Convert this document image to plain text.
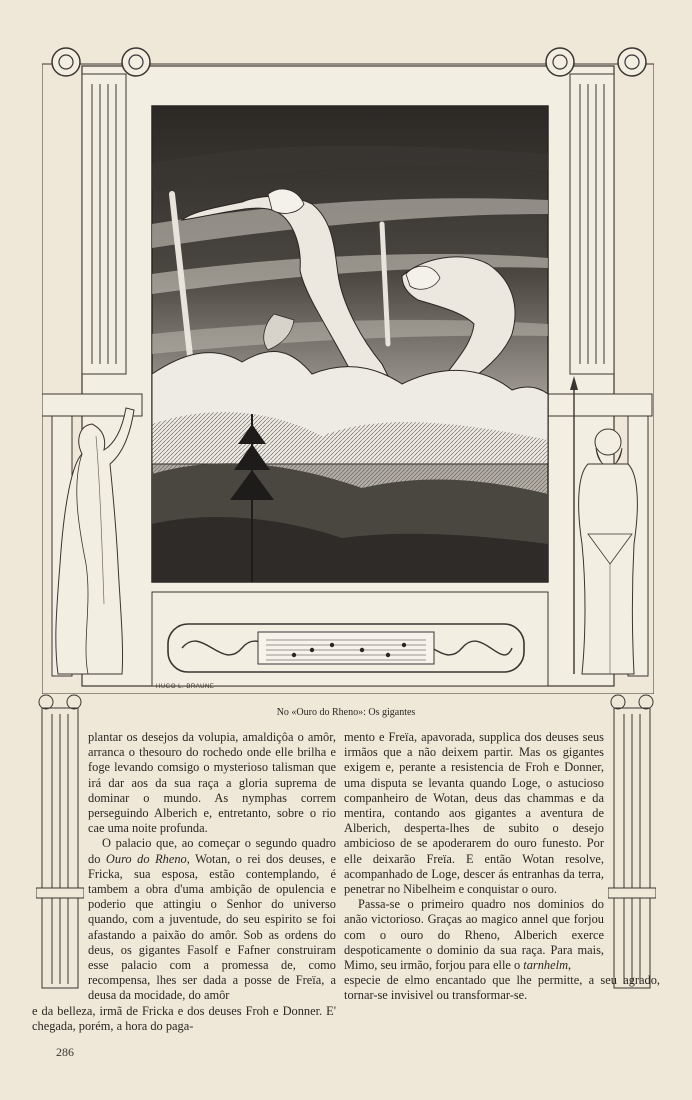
HUGO L. BRAUNE
No «Ouro do Rheno»: Os gigantes

plantar os desejos da volupia, amaldiçôa o amôr, arranca o thesouro do rochedo onde elle brilha e foge levando comsigo o mysterioso talisman que irá dar aos da sua raça a gloria suprema de dominar o mundo. As nymphas correm perseguindo Alberich e, entretanto, sobre o rio cae uma noite profunda.

O palacio que, ao começar o segundo quadro do Ouro do Rheno, Wotan, o rei dos deuses, e Fricka, sua esposa, estão contemplando, é tambem a obra d'uma ambição de opulencia e poderio que attingiu o Senhor do universo quando, com a juventude, do seu espirito se foi afastando a paixão do amôr. Sob as ordens do deus, os gigantes Fasolf e Fafner construiram esse palacio com a promessa de, como recompensa, lhes ser dada a posse de Freïa, a deusa da mocidade, do amôr

e da belleza, irmã de Fricka e dos deuses Froh e Donner. E' chegada, porém, a hora do paga-

mento e Freïa, apavorada, supplica dos deuses seus irmãos que a não deixem partir. Mas os gigantes exigem e, perante a resistencia de Froh e Donner, uma disputa se levanta quando Loge, o astucioso companheiro de Wotan, deus das chammas e da mentira, contando aos gigantes a aventura de Alberich, desperta-lhes de subito o desejo ambicioso de se apoderarem do ouro funesto. Por elle deixarão Freïa. E então Wotan resolve, acompanhado de Loge, descer ás entranhas da terra, penetrar no Nibelheim e conquistar o ouro.

Passa-se o primeiro quadro nos dominios do anão victorioso. Graças ao magico annel que forjou com o ouro do Rheno, Alberich exerce despoticamente o dominio da sua raça. Para mais, Mimo, seu irmão, forjou para elle o tarnhelm,

especie de elmo encantado que lhe permitte, a seu agrado, tornar-se invisivel ou transformar-se.
286
